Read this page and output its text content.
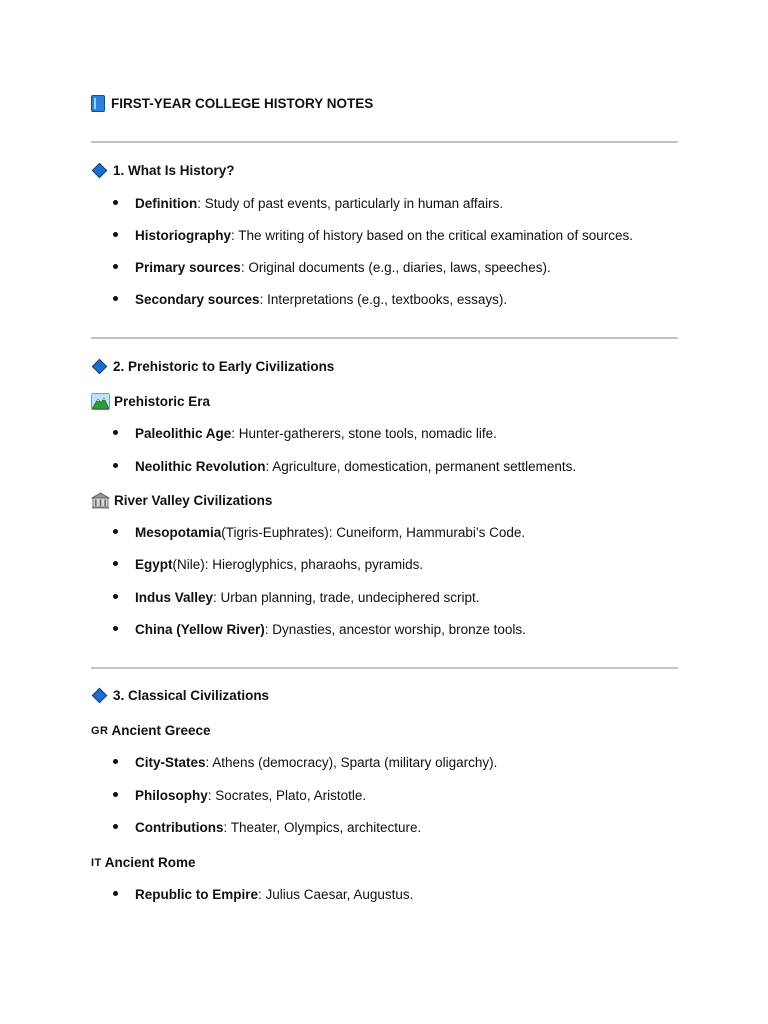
FIRST-YEAR COLLEGE HISTORY NOTES
1. What Is History?
Definition : Study of past events, particularly in human affairs.
Historiography : The writing of history based on the critical examination of sources.
Primary sources : Original documents (e.g., diaries, laws, speeches).
Secondary sources : Interpretations (e.g., textbooks, essays).
2. Prehistoric to Early Civilizations
Prehistoric Era
Paleolithic Age : Hunter-gatherers, stone tools, nomadic life.
Neolithic Revolution : Agriculture, domestication, permanent settlements.
River Valley Civilizations
Mesopotamia (Tigris-Euphrates): Cuneiform, Hammurabi’s Code.
Egypt (Nile): Hieroglyphics, pharaohs, pyramids.
Indus Valley : Urban planning, trade, undeciphered script.
China (Yellow River) : Dynasties, ancestor worship, bronze tools.
3. Classical Civilizations
GR Ancient Greece
City-States : Athens (democracy), Sparta (military oligarchy).
Philosophy : Socrates, Plato, Aristotle.
Contributions : Theater, Olympics, architecture.
IT Ancient Rome
Republic to Empire : Julius Caesar, Augustus.
